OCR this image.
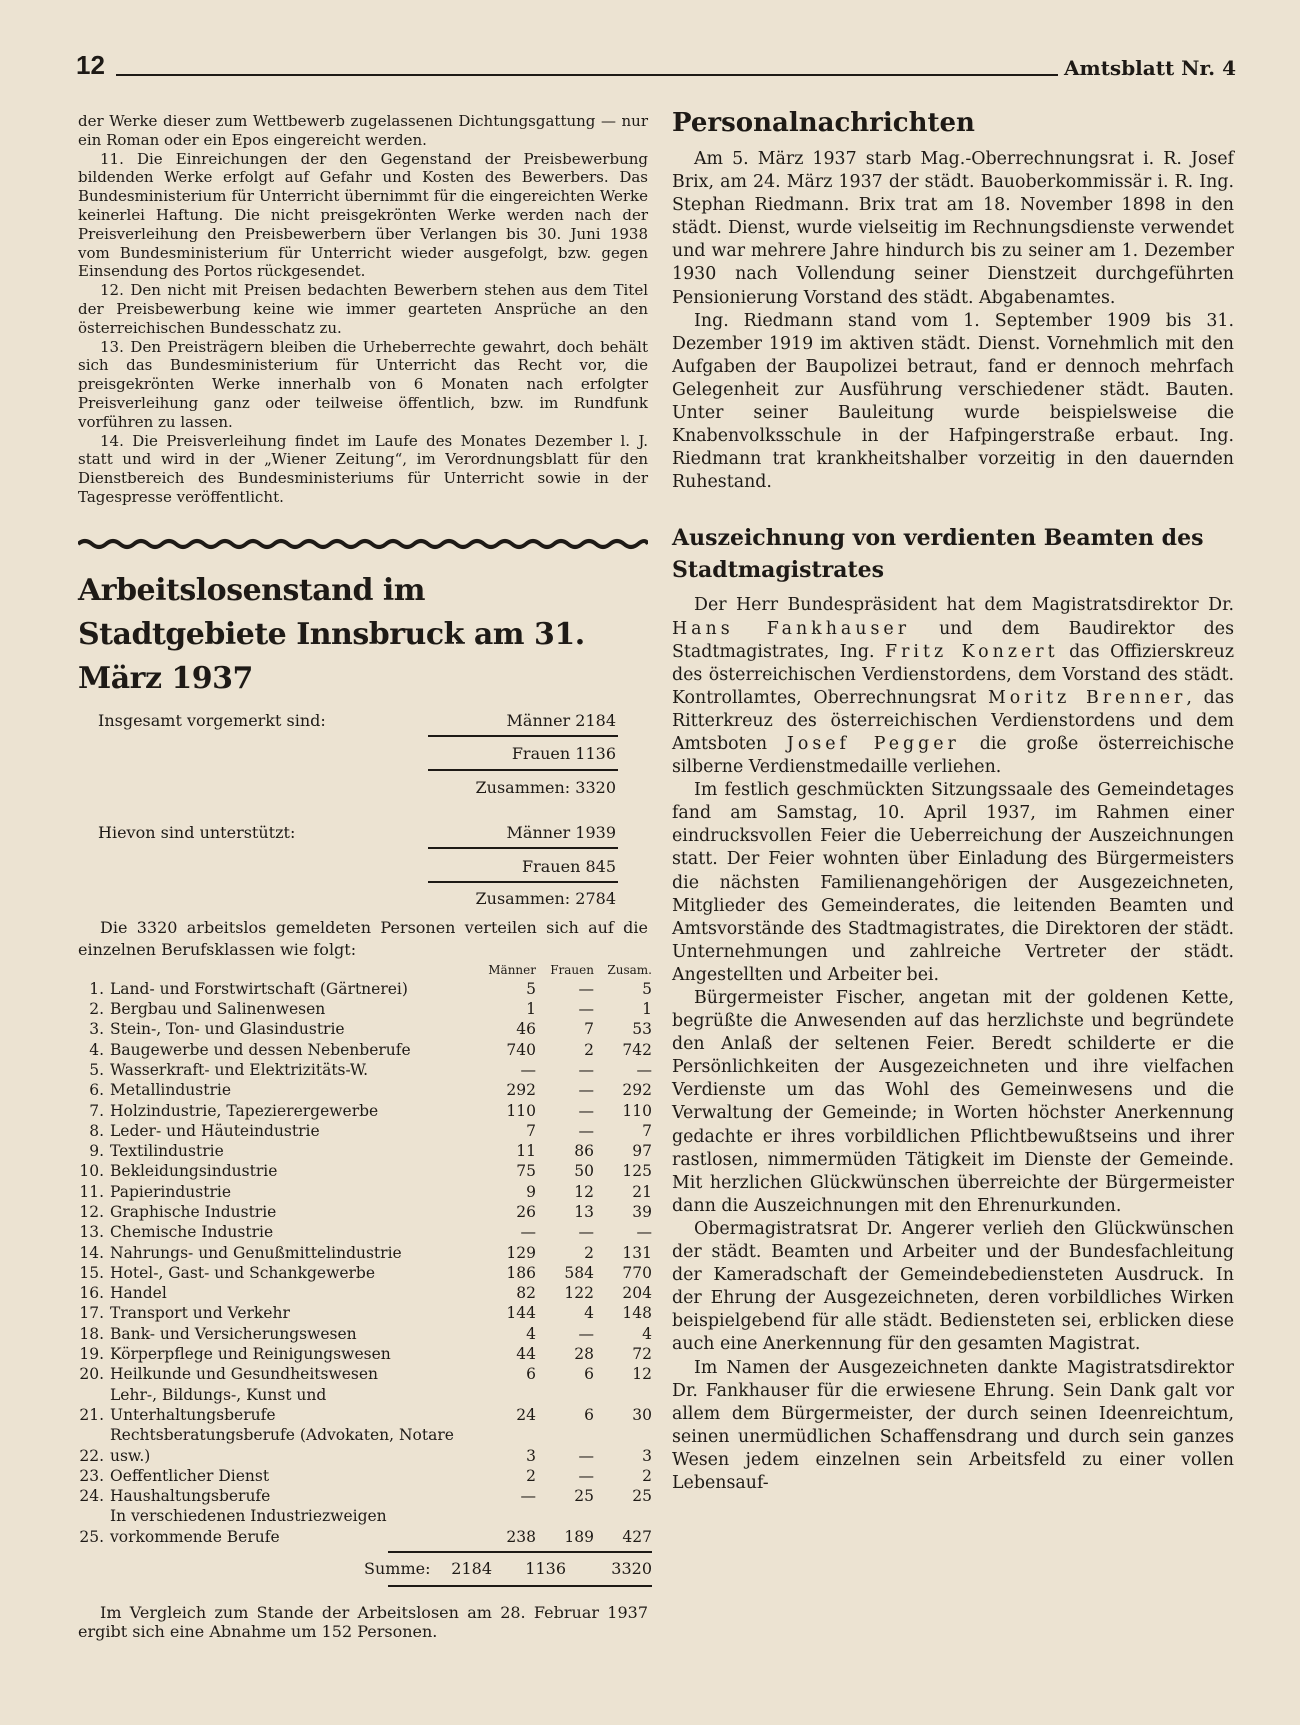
12	Amtsblatt Nr. 4

der Werke dieser zum Wettbewerb zugelassenen Dichtungsgattung — nur ein Roman oder ein Epos eingereicht werden.

11. Die Einreichungen der den Gegenstand der Preisbewerbung bildenden Werke erfolgt auf Gefahr und Kosten des Bewerbers. Das Bundesministerium für Unterricht übernimmt für die eingereichten Werke keinerlei Haftung. Die nicht preisgekrönten Werke werden nach der Preisverleihung den Preisbewerbern über Verlangen bis 30. Juni 1938 vom Bundesministerium für Unterricht wieder ausgefolgt, bzw. gegen Einsendung des Portos rückgesendet.

12. Den nicht mit Preisen bedachten Bewerbern stehen aus dem Titel der Preisbewerbung keine wie immer gearteten Ansprüche an den österreichischen Bundesschatz zu.

13. Den Preisträgern bleiben die Urheberrechte gewahrt, doch behält sich das Bundesministerium für Unterricht das Recht vor, die preisgekrönten Werke innerhalb von 6 Monaten nach erfolgter Preisverleihung ganz oder teilweise öffentlich, bzw. im Rundfunk vorführen zu lassen.

14. Die Preisverleihung findet im Laufe des Monates Dezember l. J. statt und wird in der „Wiener Zeitung“, im Verordnungsblatt für den Dienstbereich des Bundesministeriums für Unterricht sowie in der Tagespresse veröffentlicht.

Arbeitslosenstand im
Stadtgebiete Innsbruck am 31. März 1937
Insgesamt vorgemerkt sind:	Männer 2184
Frauen 1136
Zusammen: 3320
Hievon sind unterstützt:	Männer 1939
Frauen 845
Zusammen: 2784

Die 3320 arbeitslos gemeldeten Personen verteilen sich auf die einzelnen Berufsklassen wie folgt:

		Männer	Frauen	Zusam.
1.	Land- und Forstwirtschaft (Gärtnerei)	5	—	5
2.	Bergbau und Salinenwesen	1	—	1
3.	Stein-, Ton- und Glasindustrie	46	7	53
4.	Baugewerbe und dessen Nebenberufe	740	2	742
5.	Wasserkraft- und Elektrizitäts-W.	—	—	—
6.	Metallindustrie	292	—	292
7.	Holzindustrie, Tapezierergewerbe	110	—	110
8.	Leder- und Häuteindustrie	7	—	7
9.	Textilindustrie	11	86	97
10.	Bekleidungsindustrie	75	50	125
11.	Papierindustrie	9	12	21
12.	Graphische Industrie	26	13	39
13.	Chemische Industrie	—	—	—
14.	Nahrungs- und Genußmittelindustrie	129	2	131
15.	Hotel-, Gast- und Schankgewerbe	186	584	770
16.	Handel	82	122	204
17.	Transport und Verkehr	144	4	148
18.	Bank- und Versicherungswesen	4	—	4
19.	Körperpflege und Reinigungswesen	44	28	72
20.	Heilkunde und Gesundheitswesen	6	6	12
21.	Lehr-, Bildungs-, Kunst und Unterhaltungsberufe	24	6	30
22.	Rechtsberatungsberufe (Advokaten, Notare usw.)	3	—	3
23.	Oeffentlicher Dienst	2	—	2
24.	Haushaltungsberufe	—	25	25
25.	In verschiedenen Industriezweigen vorkommende Berufe	238	189	427
Summe:	2184	1136	3320

Im Vergleich zum Stande der Arbeitslosen am 28. Februar 1937 ergibt sich eine Abnahme um 152 Personen.

Personalnachrichten

Am 5. März 1937 starb Mag.-Oberrechnungsrat i. R. Josef Brix, am 24. März 1937 der städt. Bauoberkommissär i. R. Ing. Stephan Riedmann. Brix trat am 18. November 1898 in den städt. Dienst, wurde vielseitig im Rechnungsdienste verwendet und war mehrere Jahre hindurch bis zu seiner am 1. Dezember 1930 nach Vollendung seiner Dienstzeit durchgeführten Pensionierung Vorstand des städt. Abgabenamtes.

Ing. Riedmann stand vom 1. September 1909 bis 31. Dezember 1919 im aktiven städt. Dienst. Vornehmlich mit den Aufgaben der Baupolizei betraut, fand er dennoch mehrfach Gelegenheit zur Ausführung verschiedener städt. Bauten. Unter seiner Bauleitung wurde beispielsweise die Knabenvolksschule in der Hafpingerstraße erbaut. Ing. Riedmann trat krankheitshalber vorzeitig in den dauernden Ruhestand.

Auszeichnung von verdienten Beamten des
Stadtmagistrates

Der Herr Bundespräsident hat dem Magistratsdirektor Dr. Hans Fankhauser und dem Baudirektor des Stadtmagistrates, Ing. Fritz Konzert das Offizierskreuz des österreichischen Verdienstordens, dem Vorstand des städt. Kontrollamtes, Oberrechnungsrat Moritz Brenner, das Ritterkreuz des österreichischen Verdienstordens und dem Amtsboten Josef Pegger die große österreichische silberne Verdienstmedaille verliehen.

Im festlich geschmückten Sitzungssaale des Gemeindetages fand am Samstag, 10. April 1937, im Rahmen einer eindrucksvollen Feier die Ueberreichung der Auszeichnungen statt. Der Feier wohnten über Einladung des Bürgermeisters die nächsten Familienangehörigen der Ausgezeichneten, Mitglieder des Gemeinderates, die leitenden Beamten und Amtsvorstände des Stadtmagistrates, die Direktoren der städt. Unternehmungen und zahlreiche Vertreter der städt. Angestellten und Arbeiter bei.

Bürgermeister Fischer, angetan mit der goldenen Kette, begrüßte die Anwesenden auf das herzlichste und begründete den Anlaß der seltenen Feier. Beredt schilderte er die Persönlichkeiten der Ausgezeichneten und ihre vielfachen Verdienste um das Wohl des Gemeinwesens und die Verwaltung der Gemeinde; in Worten höchster Anerkennung gedachte er ihres vorbildlichen Pflichtbewußtseins und ihrer rastlosen, nimmermüden Tätigkeit im Dienste der Gemeinde. Mit herzlichen Glückwünschen überreichte der Bürgermeister dann die Auszeichnungen mit den Ehrenurkunden.

Obermagistratsrat Dr. Angerer verlieh den Glückwünschen der städt. Beamten und Arbeiter und der Bundesfachleitung der Kameradschaft der Gemeindebediensteten Ausdruck. In der Ehrung der Ausgezeichneten, deren vorbildliches Wirken beispielgebend für alle städt. Bediensteten sei, erblicken diese auch eine Anerkennung für den gesamten Magistrat.

Im Namen der Ausgezeichneten dankte Magistratsdirektor Dr. Fankhauser für die erwiesene Ehrung. Sein Dank galt vor allem dem Bürgermeister, der durch seinen Ideenreichtum, seinen unermüdlichen Schaffensdrang und durch sein ganzes Wesen jedem einzelnen sein Arbeitsfeld zu einer vollen Lebensauf-
